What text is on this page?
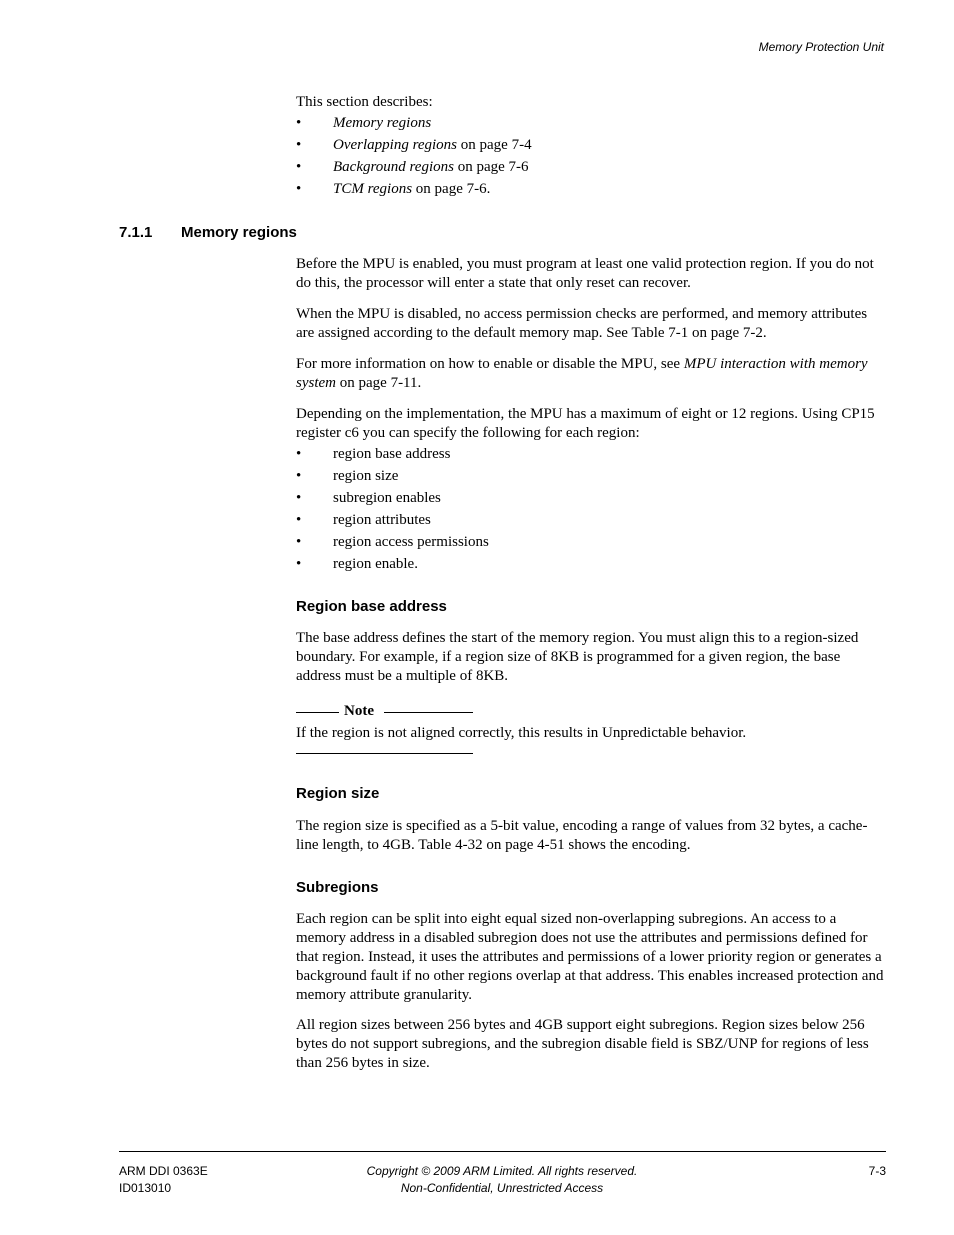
Memory Protection Unit
This section describes:
• Memory regions
• Overlapping regions on page 7-4
• Background regions on page 7-6
• TCM regions on page 7-6.
7.1.1 Memory regions

Before the MPU is enabled, you must program at least one valid protection region. If you do not do this, the processor will enter a state that only reset can recover.

When the MPU is disabled, no access permission checks are performed, and memory attributes are assigned according to the default memory map. See Table 7-1 on page 7-2.

For more information on how to enable or disable the MPU, see MPU interaction with memory system on page 7-11.

Depending on the implementation, the MPU has a maximum of eight or 12 regions. Using CP15 register c6 you can specify the following for each region:

• region base address
• region size
• subregion enables
• region attributes
• region access permissions
• region enable.
Region base address

The base address defines the start of the memory region. You must align this to a region-sized boundary. For example, if a region size of 8KB is programmed for a given region, the base address must be a multiple of 8KB.

Note

If the region is not aligned correctly, this results in Unpredictable behavior.

Region size

The region size is specified as a 5-bit value, encoding a range of values from 32 bytes, a cache-line length, to 4GB. Table 4-32 on page 4-51 shows the encoding.

Subregions

Each region can be split into eight equal sized non-overlapping subregions. An access to a memory address in a disabled subregion does not use the attributes and permissions defined for that region. Instead, it uses the attributes and permissions of a lower priority region or generates a background fault if no other regions overlap at that address. This enables increased protection and memory attribute granularity.

All region sizes between 256 bytes and 4GB support eight subregions. Region sizes below 256 bytes do not support subregions, and the subregion disable field is SBZ/UNP for regions of less than 256 bytes in size.

ARM DDI 0363E
ID013010
Copyright © 2009 ARM Limited. All rights reserved.
Non-Confidential, Unrestricted Access
7-3
